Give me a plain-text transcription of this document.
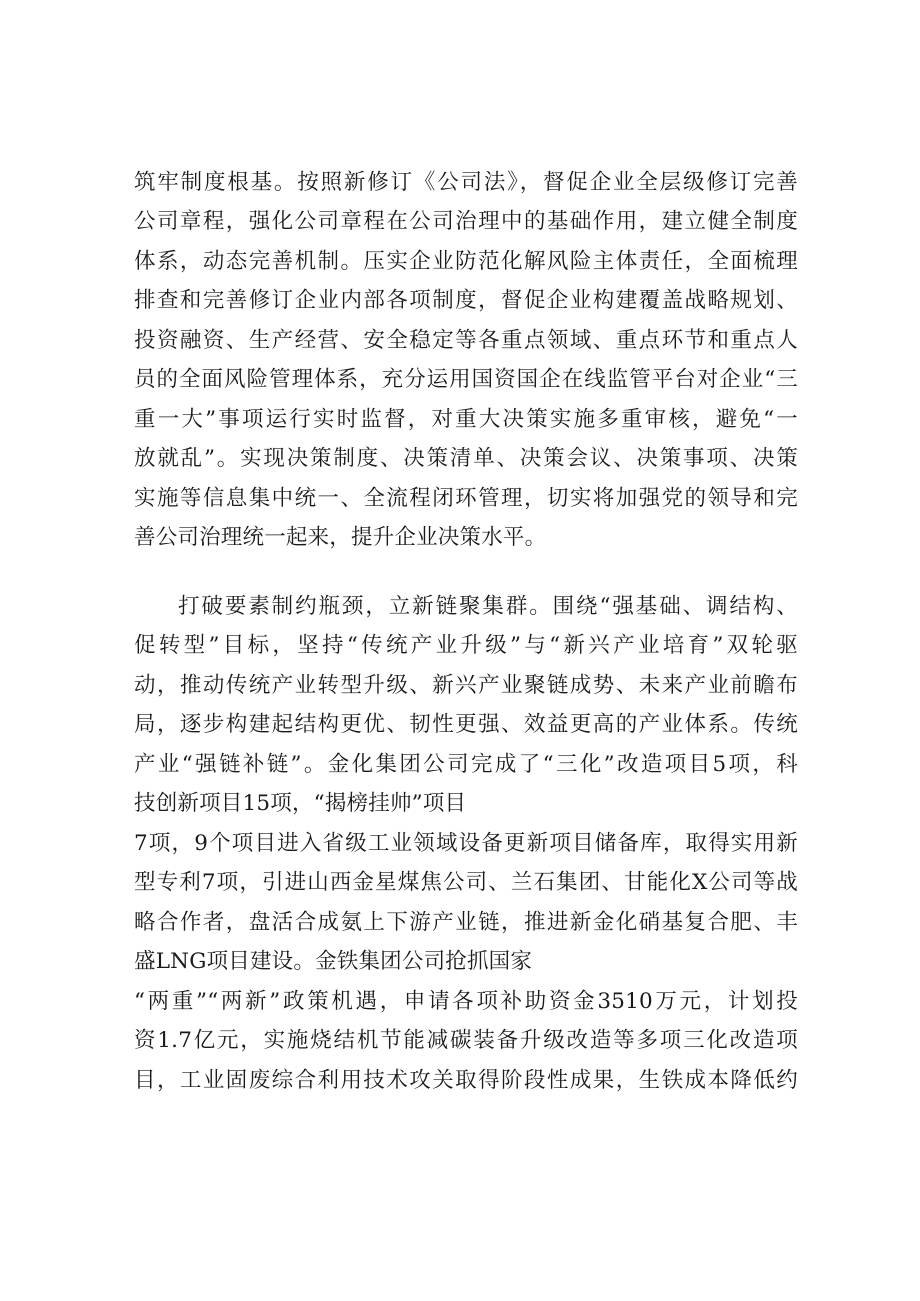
筑牢制度根基。按照新修订《公司法》，督促企业全层级修订完善
公司章程，强化公司章程在公司治理中的基础作用，建立健全制度
体系，动态完善机制。压实企业防范化解风险主体责任，全面梳理
排查和完善修订企业内部各项制度，督促企业构建覆盖战略规划、
投资融资、生产经营、安全稳定等各重点领域、重点环节和重点人
员的全面风险管理体系，充分运用国资国企在线监管平台对企业“三
重一大”事项运行实时监督，对重大决策实施多重审核，避免“一
放就乱”。实现决策制度、决策清单、决策会议、决策事项、决策
实施等信息集中统一、全流程闭环管理，切实将加强党的领导和完
善公司治理统一起来，提升企业决策水平。
打破要素制约瓶颈，立新链聚集群。围绕“强基础、调结构、
促转型”目标，坚持“传统产业升级”与“新兴产业培育”双轮驱
动，推动传统产业转型升级、新兴产业聚链成势、未来产业前瞻布
局，逐步构建起结构更优、韧性更强、效益更高的产业体系。传统
产业“强链补链”。金化集团公司完成了“三化”改造项目5项，科
技创新项目15项，“揭榜挂帅”项目
7项，9个项目进入省级工业领域设备更新项目储备库，取得实用新
型专利7项，引进山西金星煤焦公司、兰石集团、甘能化X公司等战
略合作者，盘活合成氨上下游产业链，推进新金化硝基复合肥、丰
盛LNG项目建设。金铁集团公司抢抓国家
“两重”“两新”政策机遇，申请各项补助资金3510万元，计划投
资1.7亿元，实施烧结机节能减碳装备升级改造等多项三化改造项
目，工业固废综合利用技术攻关取得阶段性成果，生铁成本降低约
